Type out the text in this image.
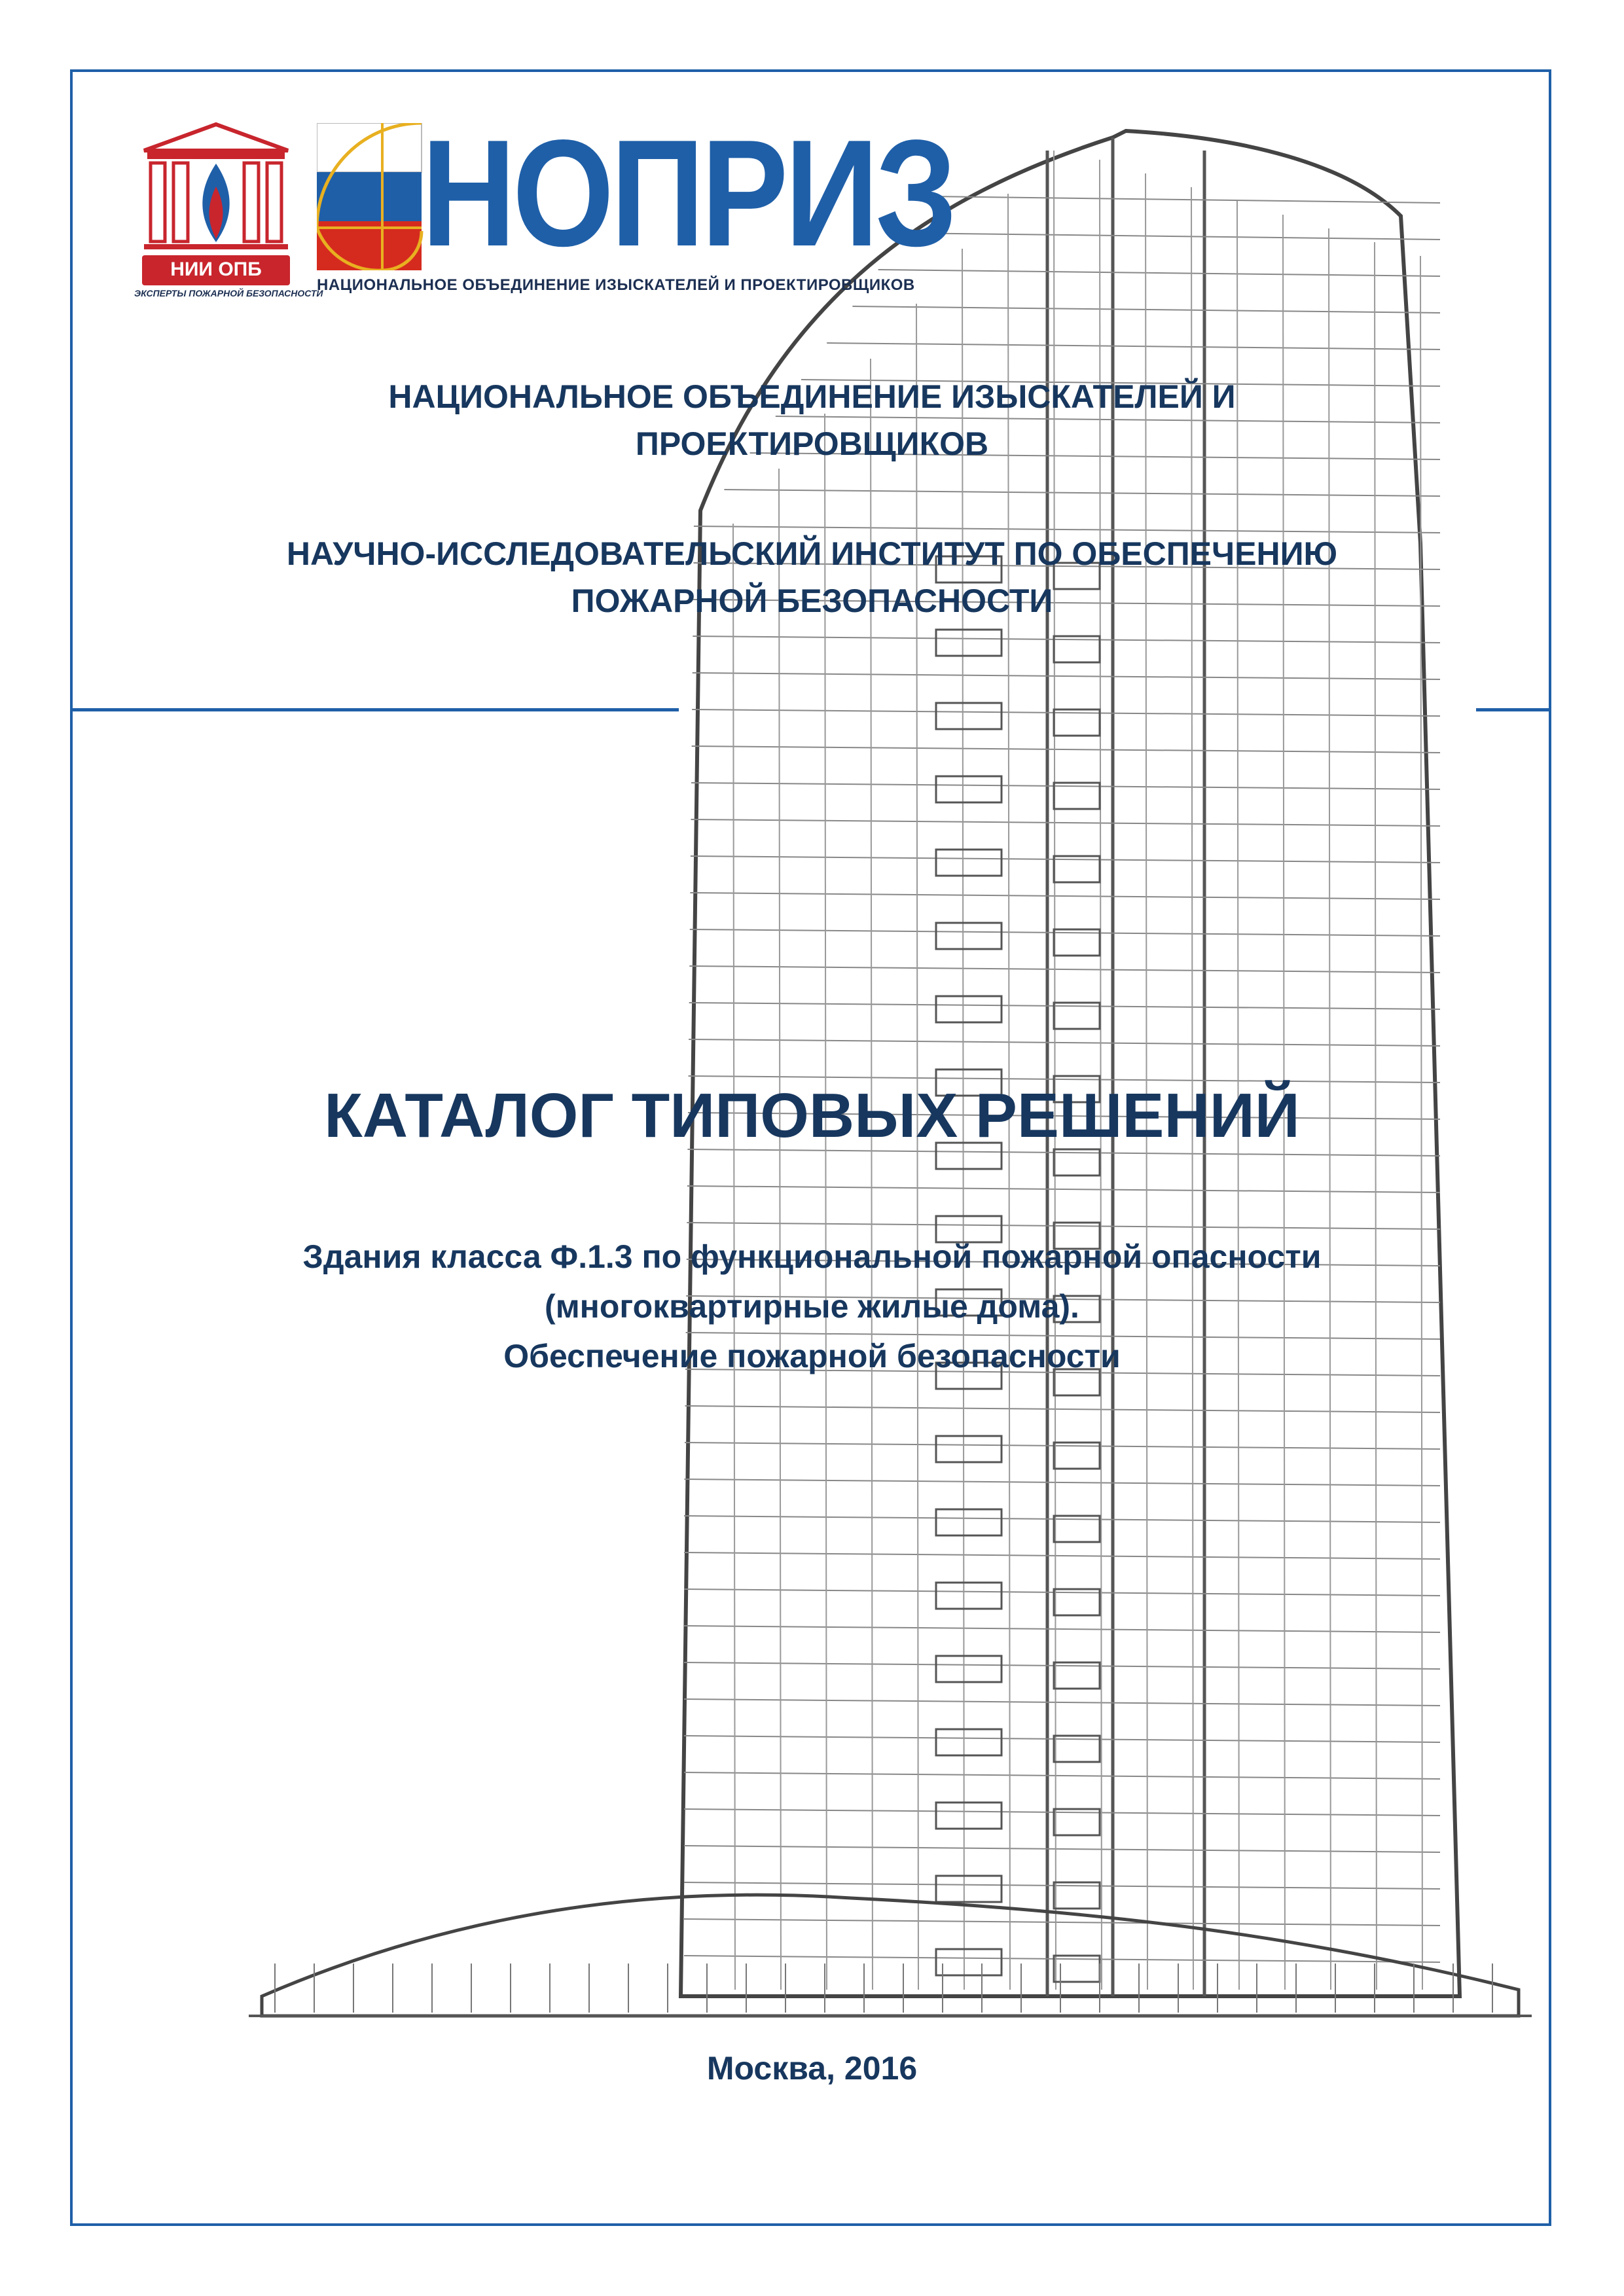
НИИ ОПБ
ЭКСПЕРТЫ ПОЖАРНОЙ БЕЗОПАСНОСТИ
НОПРИЗ
НАЦИОНАЛЬНОЕ ОБЪЕДИНЕНИЕ ИЗЫСКАТЕЛЕЙ И ПРОЕКТИРОВЩИКОВ
НАЦИОНАЛЬНОЕ ОБЪЕДИНЕНИЕ ИЗЫСКАТЕЛЕЙ И
ПРОЕКТИРОВЩИКОВ
НАУЧНО-ИССЛЕДОВАТЕЛЬСКИЙ ИНСТИТУТ ПО ОБЕСПЕЧЕНИЮ
ПОЖАРНОЙ БЕЗОПАСНОСТИ
КАТАЛОГ ТИПОВЫХ РЕШЕНИЙ
Здания класса Ф.1.3 по функциональной пожарной опасности
(многоквартирные жилые дома).
Обеспечение пожарной безопасности
Москва, 2016
